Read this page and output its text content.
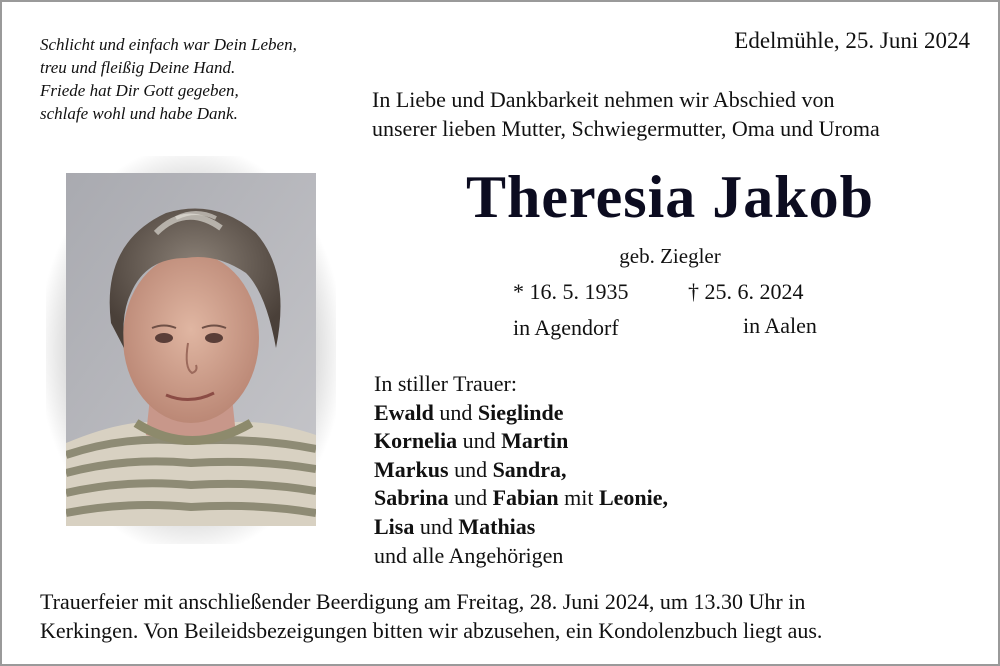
Schlicht und einfach war Dein Leben,
treu und fleißig Deine Hand.
Friede hat Dir Gott gegeben,
schlafe wohl und habe Dank.
Edelmühle, 25. Juni 2024
In Liebe und Dankbarkeit nehmen wir Abschied von
unserer lieben Mutter, Schwiegermutter, Oma und Uroma
Theresia Jakob
geb. Ziegler
* 16. 5. 1935	† 25. 6. 2024
in Agendorf	in Aalen
In stiller Trauer:
Ewald und Sieglinde
Kornelia und Martin
Markus und Sandra,
Sabrina und Fabian mit Leonie,
Lisa und Mathias
und alle Angehörigen
Trauerfeier mit anschließender Beerdigung am Freitag, 28. Juni 2024, um 13.30 Uhr in
Kerkingen. Von Beileidsbezeigungen bitten wir abzusehen, ein Kondolenzbuch liegt aus.
